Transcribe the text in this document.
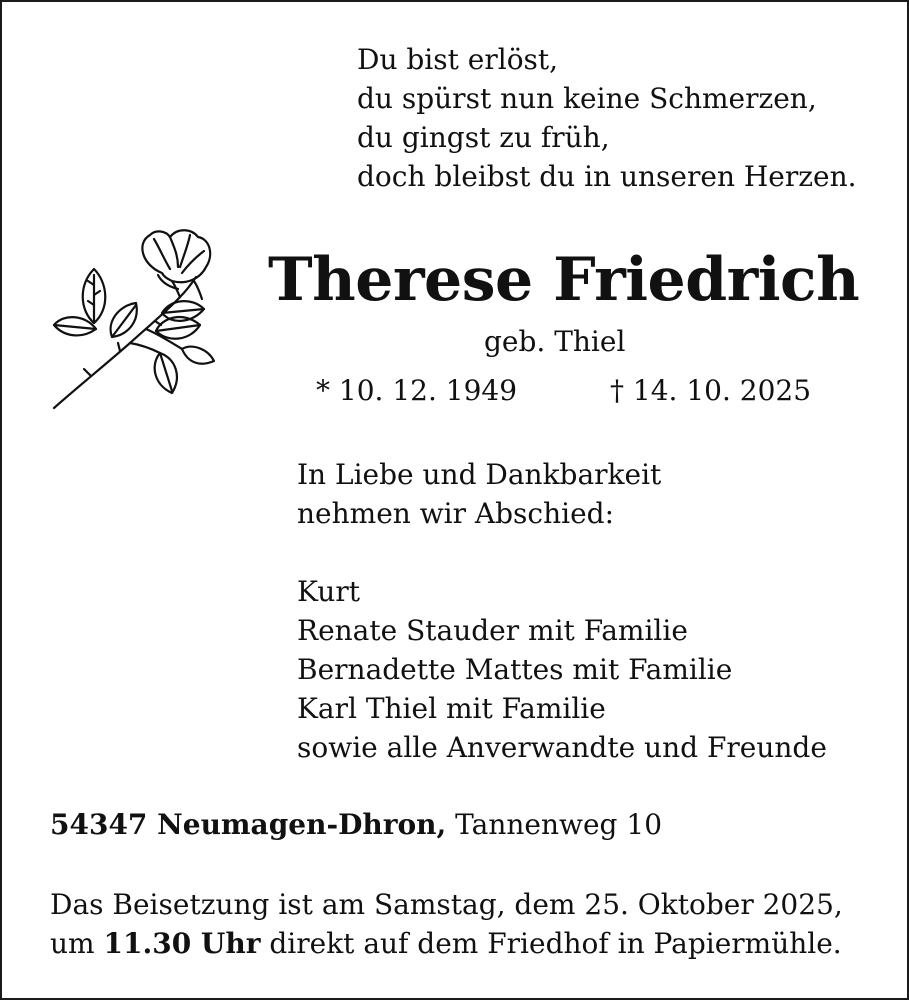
Du bist erlöst,
du spürst nun keine Schmerzen,
du gingst zu früh,
doch bleibst du in unseren Herzen.
Therese Friedrich
geb. Thiel
* 10. 12. 1949	† 14. 10. 2025
In Liebe und Dankbarkeit
nehmen wir Abschied:
Kurt
Renate Stauder mit Familie
Bernadette Mattes mit Familie
Karl Thiel mit Familie
sowie alle Anverwandte und Freunde
54347 Neumagen-Dhron, Tannenweg 10
Das Beisetzung ist am Samstag, dem 25. Oktober 2025,
um 11.30 Uhr direkt auf dem Friedhof in Papiermühle.
